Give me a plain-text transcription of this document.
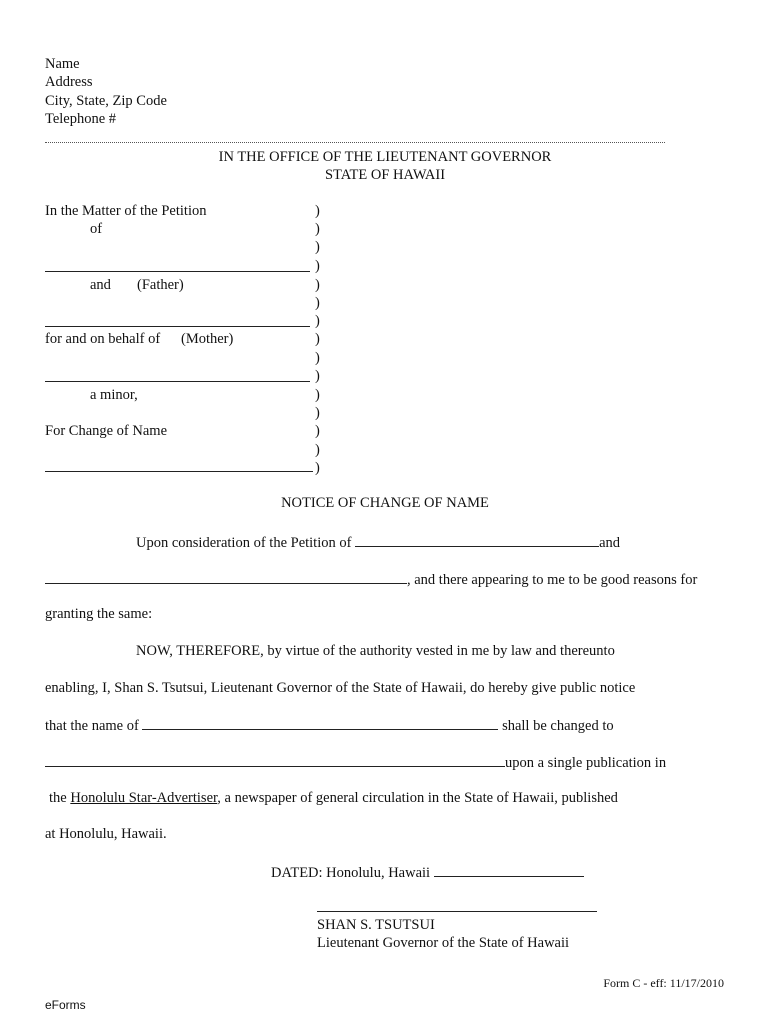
Name
Address
City, State, Zip Code
Telephone #
IN THE OFFICE OF THE LIEUTENANT GOVERNOR
STATE OF HAWAII
In the Matter of the Petition
of
and (Father)
for and on behalf of (Mother)
a minor,
For Change of Name
)
)
)
)
)
)
)
)
)
)
)
)
)
)
)
NOTICE OF CHANGE OF NAME
Upon consideration of the Petition of	and
, and there appearing to me to be good reasons for
granting the same:
NOW, THEREFORE, by virtue of the authority vested in me by law and thereunto
enabling, I, Shan S. Tsutsui, Lieutenant Governor of the State of Hawaii, do hereby give public notice
that the name of	shall be changed to
upon a single publication in
the Honolulu Star-Advertiser, a newspaper of general circulation in the State of Hawaii, published
at Honolulu, Hawaii.
DATED: Honolulu, Hawaii
SHAN S. TSUTSUI
Lieutenant Governor of the State of Hawaii
Form C - eff: 11/17/2010
eForms
